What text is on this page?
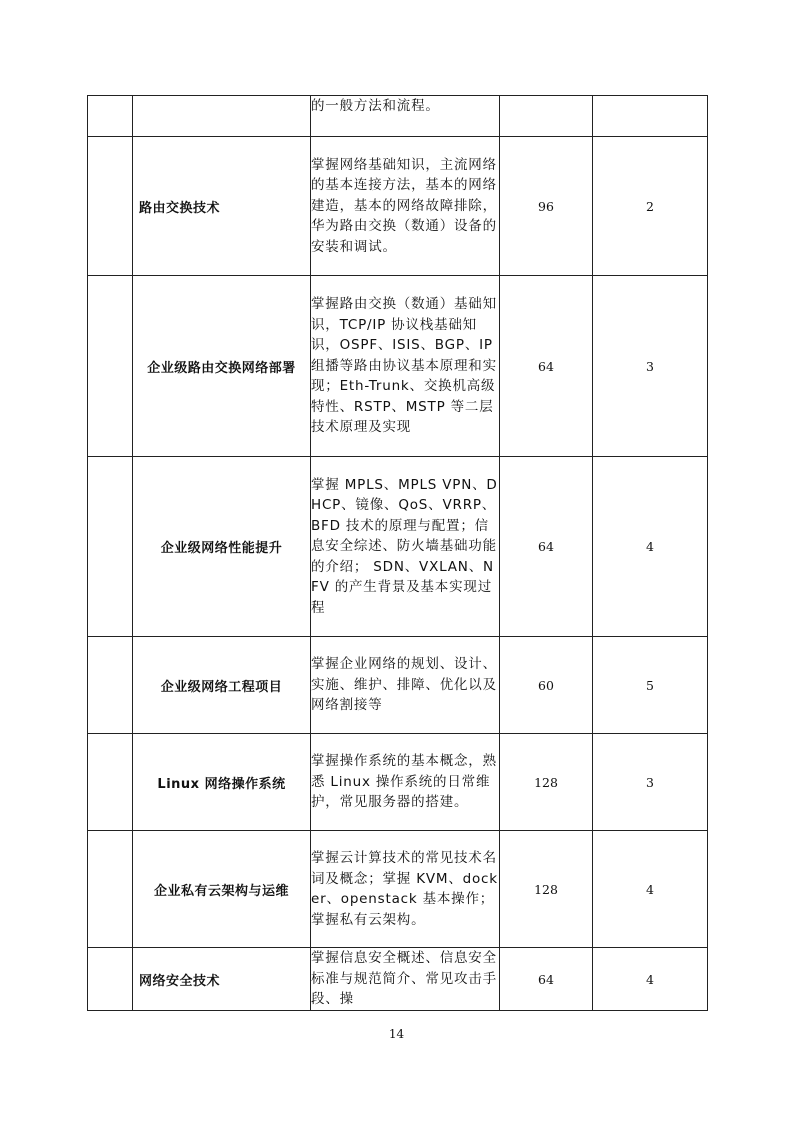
		的一般方法和流程。		
	路由交换技术	掌握网络基础知识，主流网络的基本连接方法，基本的网络建造，基本的网络故障排除，华为路由交换（数通）设备的安装和调试。	96	2
	企业级路由交换网络部署	掌握路由交换（数通）基础知识，TCP/IP 协议栈基础知识，OSPF、ISIS、BGP、IP 组播等路由协议基本原理和实现；Eth-Trunk、交换机高级特性、RSTP、MSTP 等二层技术原理及实现	64	3
	企业级网络性能提升	掌握 MPLS、MPLS VPN、DHCP、镜像、QoS、VRRP、BFD 技术的原理与配置；信息安全综述、防火墙基础功能的介绍； SDN、VXLAN、NFV 的产生背景及基本实现过程	64	4
	企业级网络工程项目	掌握企业网络的规划、设计、实施、维护、排障、优化以及网络割接等	60	5
	Linux 网络操作系统	掌握操作系统的基本概念，熟悉 Linux 操作系统的日常维护，常见服务器的搭建。	128	3
	企业私有云架构与运维	掌握云计算技术的常见技术名词及概念；掌握 KVM、docker、openstack 基本操作；掌握私有云架构。	128	4
	网络安全技术	掌握信息安全概述、信息安全标准与规范简介、常见攻击手段、操	64	4
14
